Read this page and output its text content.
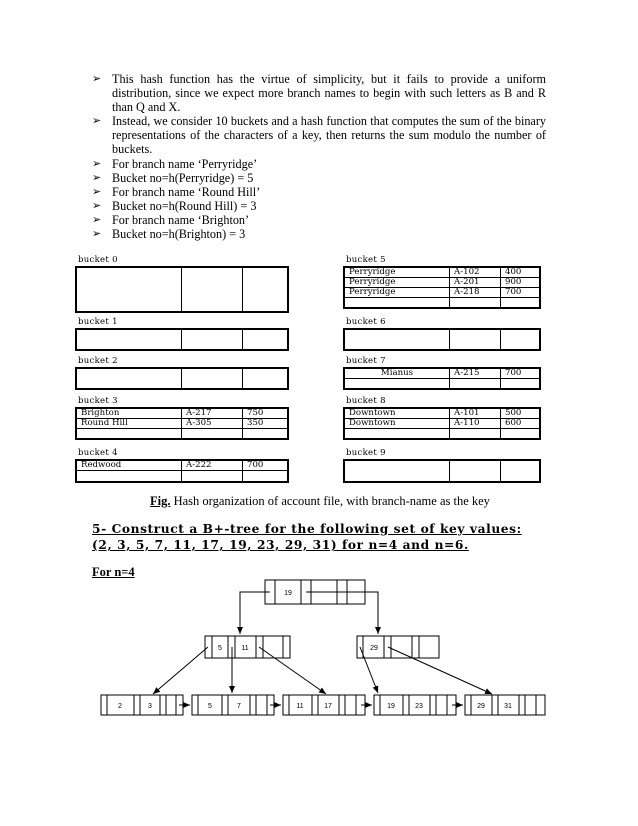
➢ This hash function has the virtue of simplicity, but it fails to provide a uniform distribution, since we expect more branch names to begin with such letters as B and R than Q and X.
➢ Instead, we consider 10 buckets and a hash function that computes the sum of the binary representations of the characters of a key, then returns the sum modulo the number of buckets.
➢ For branch name ‘Perryridge’
➢ Bucket no=h(Perryridge) = 5
➢ For branch name ‘Round Hill’
➢ Bucket no=h(Round Hill) = 3
➢ For branch name ‘Brighton’
➢ Bucket no=h(Brighton) = 3
bucket 0

bucket 1

bucket 2

bucket 3
Brighton	A-217	750
Round Hill	A-305	350

bucket 4
Redwood	A-222	700

bucket 5
Perryridge	A-102	400
Perryridge	A-201	900
Perryridge	A-218	700

bucket 6

bucket 7
Mianus	A-215	700

bucket 8
Downtown	A-101	500
Downtown	A-110	600

bucket 9

Fig. Hash organization of account file, with branch-name as the key
5- Construct a B+-tree for the following set of key values: (2, 3, 5, 7, 11, 17, 19, 23, 29, 31) for n=4 and n=6.
For n=4
19
5	11	29
2	3	5	7	11	17	19	23	29	31
